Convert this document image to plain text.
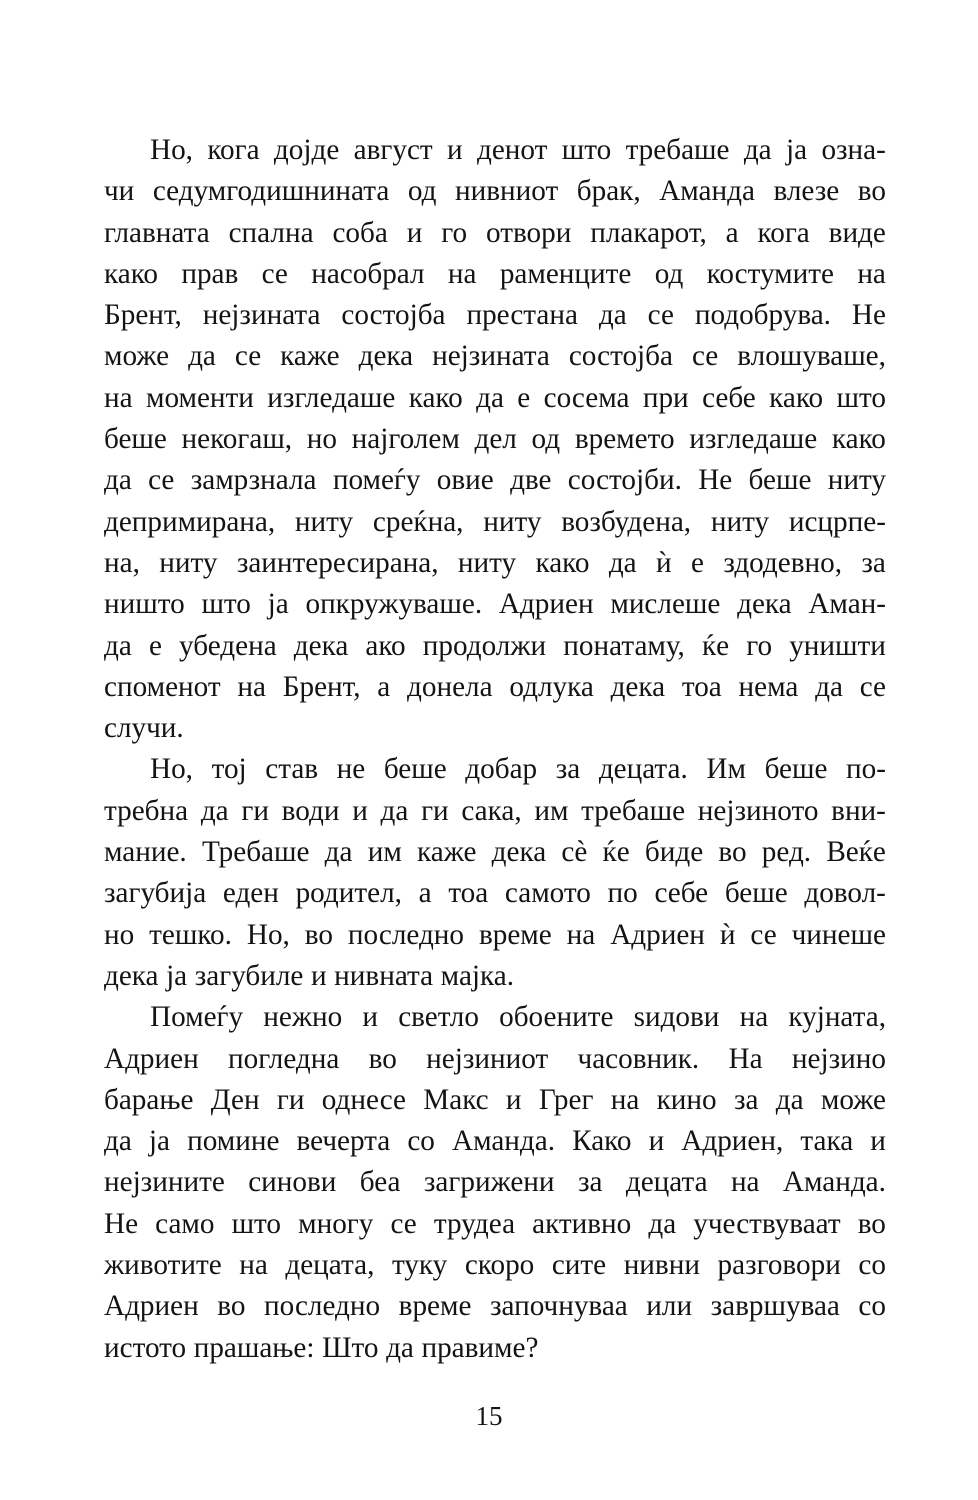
Но, кога дојде август и денот што требаше да ја озна-
чи седумгодишнината од нивниот брак, Аманда влезе во
главната спална соба и го отвори плакарот, а кога виде
како прав се насобрал на раменците од костумите на
Брент, нејзината состојба престана да се подобрува. Не
може да се каже дека нејзината состојба се влошуваше,
на моменти изгледаше како да е сосема при себе како што
беше некогаш, но најголем дел од времето изгледаше како
да се замрзнала помеѓу овие две состојби. Не беше ниту
депримирана, ниту среќна, ниту возбудена, ниту исцрпе-
на, ниту заинтересирана, ниту како да ѝ е здодевно, за
ништо што ја опкружуваше. Адриен мислеше дека Аман-
да е убедена дека ако продолжи понатаму, ќе го уништи
споменот на Брент, а донела одлука дека тоа нема да се
случи.
Но, тој став не беше добар за децата. Им беше по-
требна да ги води и да ги сака, им требаше нејзиното вни-
мание. Требаше да им каже дека сè ќе биде во ред. Веќе
загубија еден родител, а тоа самото по себе беше довол-
но тешко. Но, во последно време на Адриен ѝ се чинеше
дека ја загубиле и нивната мајка.
Помеѓу нежно и светло обоените ѕидови на кујната,
Адриен погледна во нејзиниот часовник. На нејзино
барање Ден ги однесе Макс и Грег на кино за да може
да ја помине вечерта со Аманда. Како и Адриен, така и
нејзините синови беа загрижени за децата на Аманда.
Не само што многу се трудеа активно да учествуваат во
животите на децата, туку скоро сите нивни разговори со
Адриен во последно време започнуваа или завршуваа со
истото прашање: Што да правиме?
15
